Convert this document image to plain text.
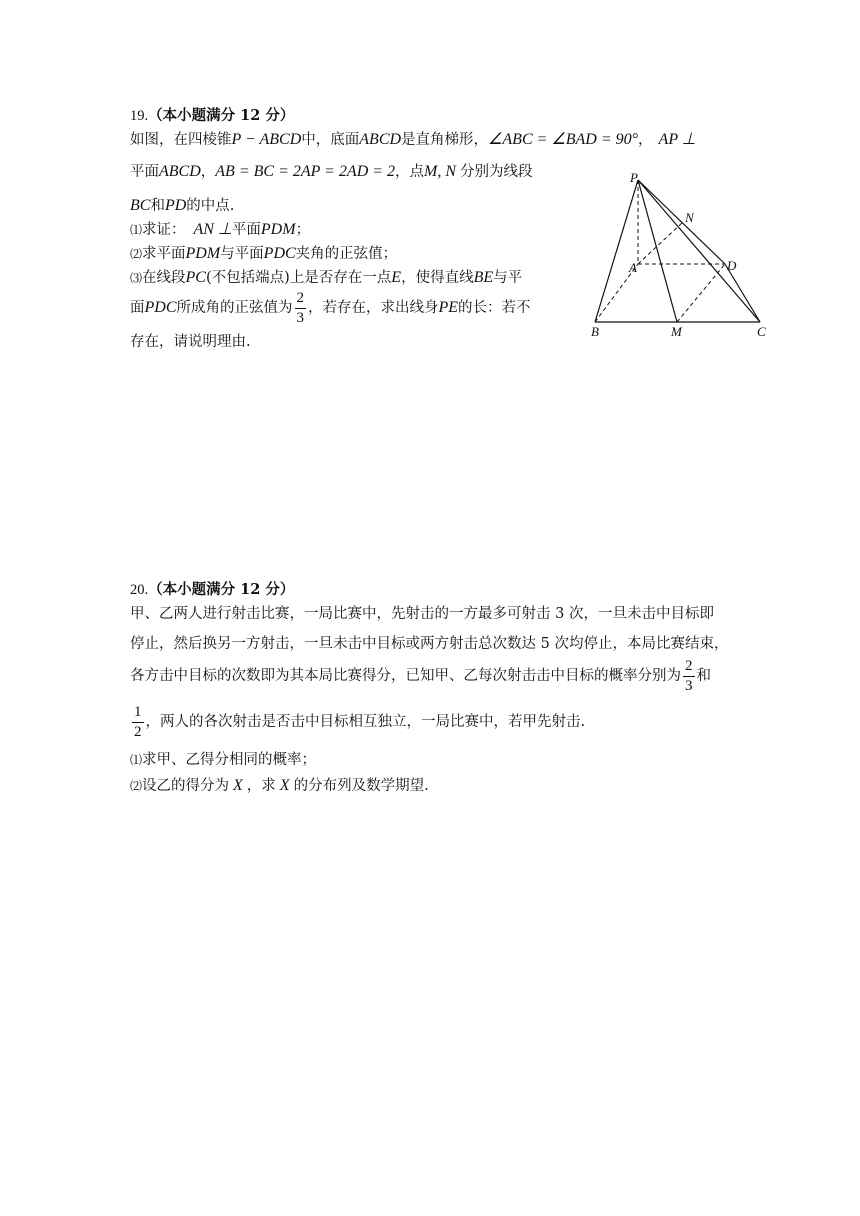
19.（本小题满分 12 分）
如图，在四棱锥P − ABCD中，底面ABCD是直角梯形，∠ABC = ∠BAD = 90°， AP ⊥
平面ABCD，AB = BC = 2AP = 2AD = 2，点M, N 分别为线段
BC和PD的中点.
⑴求证： AN ⊥平面PDM；
⑵求平面PDM与平面PDC夹角的正弦值；
⑶在线段PC(不包括端点)上是否存在一点E，使得直线BE与平
面PDC所成角的正弦值为 $\frac{2}{3}$ ，若存在，求出线身PE的长：若不
存在，请说明理由.
P
N
A	D
B	M	C
20.（本小题满分 12 分）
甲、乙两人进行射击比赛，一局比赛中，先射击的一方最多可射击 3 次，一旦未击中目标即
停止，然后换另一方射击，一旦未击中目标或两方射击总次数达 5 次均停止，本局比赛结束，
各方击中目标的次数即为其本局比赛得分，已知甲、乙每次射击击中目标的概率分别为 $\frac{2}{3}$ 和
$\frac{1}{2}$ ，两人的各次射击是否击中目标相互独立，一局比赛中，若甲先射击.
⑴求甲、乙得分相同的概率；
⑵设乙的得分为 X ，求 X 的分布列及数学期望.
